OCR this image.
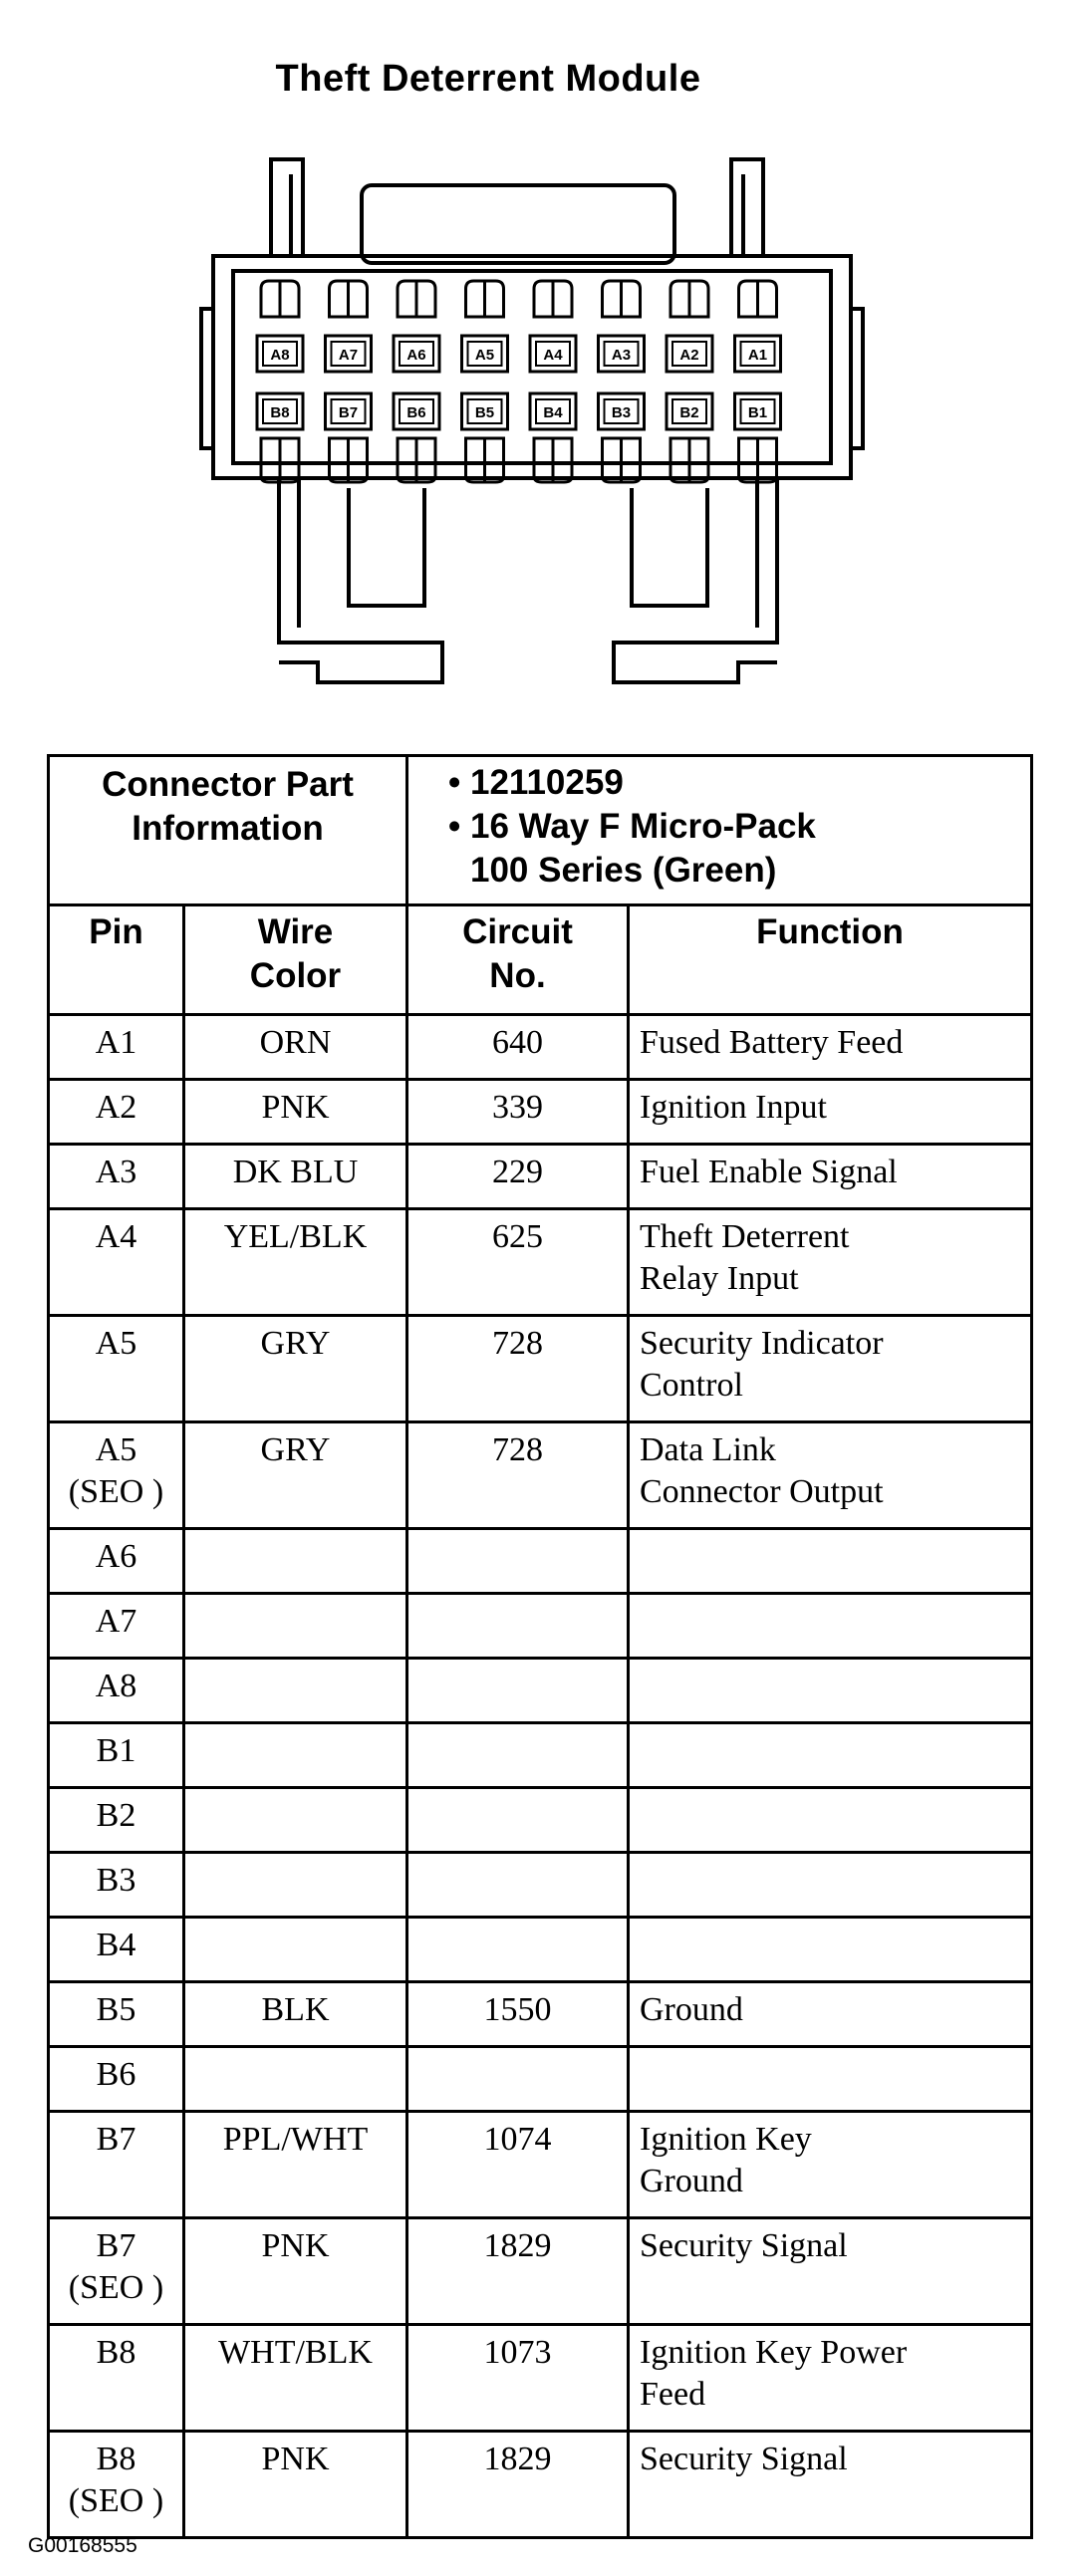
Theft Deterrent Module
A8	A7	A6	A5	A4	A3	A2	A1
B8	B7	B6	B5	B4	B3	B2	B1
Connector Part Information		• 12110259
• 16 Way F Micro-Pack
100 Series (Green)	

Pin	Wire Color	Circuit No.	Function
A1	ORN	640	Fused Battery Feed
A2	PNK	339	Ignition Input
A3	DK BLU	229	Fuel Enable Signal
A4	YEL/BLK	625	Theft Deterrent
Relay Input
A5	GRY	728	Security Indicator
Control
A5
(SEO )	GRY	728	Data Link
Connector Output
A6			
A7			
A8			
B1			
B2			
B3			
B4			
B5	BLK	1550	Ground
B6			
B7	PPL/WHT	1074	Ignition Key
Ground
B7
(SEO )	PNK	1829	Security Signal
B8	WHT/BLK	1073	Ignition Key Power
Feed
B8
(SEO )	PNK	1829	Security Signal
G00168555
